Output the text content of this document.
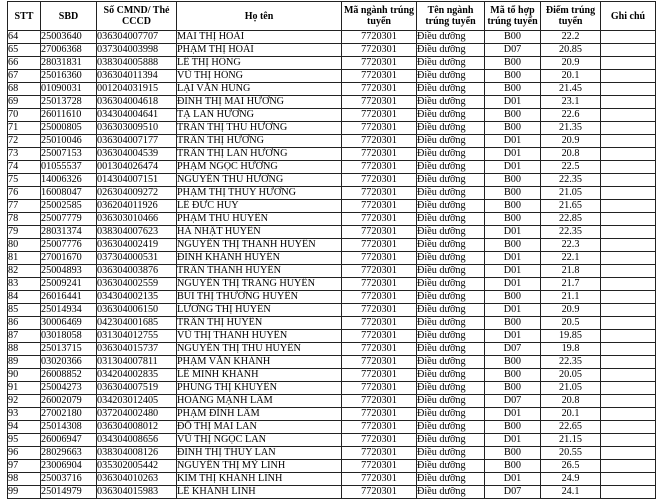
STT	SBD	Số CMND/ Thẻ CCCD	Họ tên	Mã ngành trúng tuyển	Tên ngành trúng tuyển	Mã tổ hợp trúng tuyển	Điểm trúng tuyển	Ghi chú
64	25003640	036304007707	MAI THỊ HOÀI	7720301	Điều dưỡng	B00	22.2	
65	27006368	037304003998	PHẠM THỊ HOÀI	7720301	Điều dưỡng	D07	20.85	
66	28031831	038304005888	LÊ THỊ HỒNG	7720301	Điều dưỡng	B00	20.9	
67	25016360	036304011394	VŨ THỊ HỒNG	7720301	Điều dưỡng	B00	20.1	
68	01090031	001204031915	LẠI VĂN HÙNG	7720301	Điều dưỡng	B00	21.45	
69	25013728	036304004618	ĐINH THỊ MAI HƯƠNG	7720301	Điều dưỡng	D01	23.1	
70	26011610	034304004641	TẠ LAN HƯƠNG	7720301	Điều dưỡng	B00	22.6	
71	25000805	036303009510	TRẦN THỊ THU HƯƠNG	7720301	Điều dưỡng	B00	21.35	
72	25010046	036304007177	TRẦN THỊ HƯƠNG	7720301	Điều dưỡng	D01	20.9	
73	25007153	036304004539	TRẦN THỊ LAN HƯƠNG	7720301	Điều dưỡng	D01	20.8	
74	01055537	001304026474	PHẠM NGỌC HƯỜNG	7720301	Điều dưỡng	D01	22.5	
75	14006326	014304007151	NGUYỄN THU HƯỜNG	7720301	Điều dưỡng	B00	22.35	
76	16008047	026304009272	PHẠM THỊ THÚY HƯỜNG	7720301	Điều dưỡng	B00	21.05	
77	25002585	036204011926	LÊ ĐỨC HUY	7720301	Điều dưỡng	B00	21.65	
78	25007779	036303010466	PHẠM THU HUYỀN	7720301	Điều dưỡng	B00	22.85	
79	28031374	038304007623	HÀ NHẬT HUYỀN	7720301	Điều dưỡng	D01	22.35	
80	25007776	036304002419	NGUYỄN THỊ THANH HUYỀN	7720301	Điều dưỡng	B00	22.3	
81	27001670	037304000531	ĐINH KHÁNH HUYỀN	7720301	Điều dưỡng	D01	22.1	
82	25004893	036304003876	TRẦN THANH HUYỀN	7720301	Điều dưỡng	D01	21.8	
83	25009241	036304002559	NGUYỄN THỊ TRANG HUYỀN	7720301	Điều dưỡng	D01	21.7	
84	26016441	034304002135	BÙI THỊ THƯƠNG HUYỀN	7720301	Điều dưỡng	B00	21.1	
85	25014934	036304006150	LƯƠNG THỊ HUYỀN	7720301	Điều dưỡng	D01	20.9	
86	30006469	042304001685	TRẦN THỊ HUYỀN	7720301	Điều dưỡng	B00	20.5	
87	03018058	031304012755	VŨ THỊ THANH HUYỀN	7720301	Điều dưỡng	D01	19.85	
88	25013715	036304015737	NGUYỄN THỊ THU HUYỀN	7720301	Điều dưỡng	D07	19.8	
89	03020366	031304007811	PHẠM VĂN KHÁNH	7720301	Điều dưỡng	B00	22.35	
90	26008852	034204002835	LÊ MINH KHÁNH	7720301	Điều dưỡng	B00	20.05	
91	25004273	036304007519	PHÙNG THỊ KHUYÊN	7720301	Điều dưỡng	B00	21.05	
92	26002079	034203012405	HOÀNG MẠNH LÂM	7720301	Điều dưỡng	D07	20.8	
93	27002180	037204002480	PHẠM ĐÌNH LÂM	7720301	Điều dưỡng	D01	20.1	
94	25014308	036304008012	ĐỖ THỊ MAI LAN	7720301	Điều dưỡng	B00	22.65	
95	26006947	034304008656	VŨ THỊ NGỌC LAN	7720301	Điều dưỡng	D01	21.15	
96	28029663	038304008126	ĐINH THỊ THÙY LAN	7720301	Điều dưỡng	B00	20.55	
97	23006904	035302005442	NGUYỄN THỊ MỸ LINH	7720301	Điều dưỡng	B00	26.5	
98	25003716	036304010263	KIM THỊ KHÁNH LINH	7720301	Điều dưỡng	D01	24.9	
99	25014979	036304015983	LÊ KHÁNH LINH	7720301	Điều dưỡng	D07	24.1	
